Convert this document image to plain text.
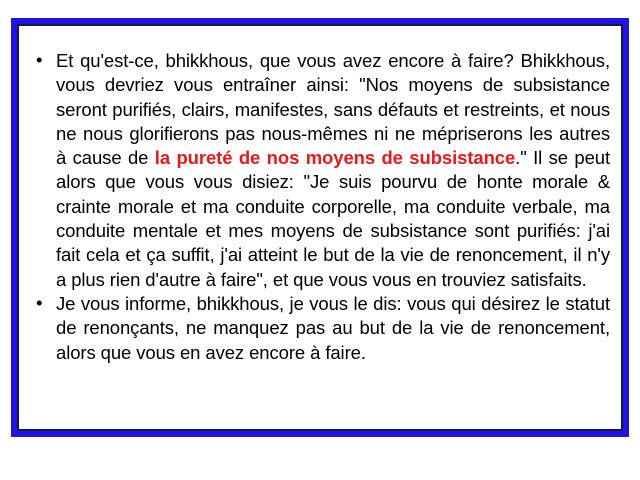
• Et qu'est-ce, bhikkhous, que vous avez encore à faire? Bhikkhous, vous devriez vous entraîner ainsi: "Nos moyens de subsistance seront purifiés, clairs, manifestes, sans défauts et restreints, et nous ne nous glorifierons pas nous-mêmes ni ne mépriserons les autres à cause de la pureté de nos moyens de subsistance." Il se peut alors que vous vous disiez: "Je suis pourvu de honte morale & crainte morale et ma conduite corporelle, ma conduite verbale, ma conduite mentale et mes moyens de subsistance sont purifiés: j'ai fait cela et ça suffit, j'ai atteint le but de la vie de renoncement, il n'y a plus rien d'autre à faire", et que vous vous en trouviez satisfaits.
• Je vous informe, bhikkhous, je vous le dis: vous qui désirez le statut de renonçants, ne manquez pas au but de la vie de renoncement, alors que vous en avez encore à faire.
